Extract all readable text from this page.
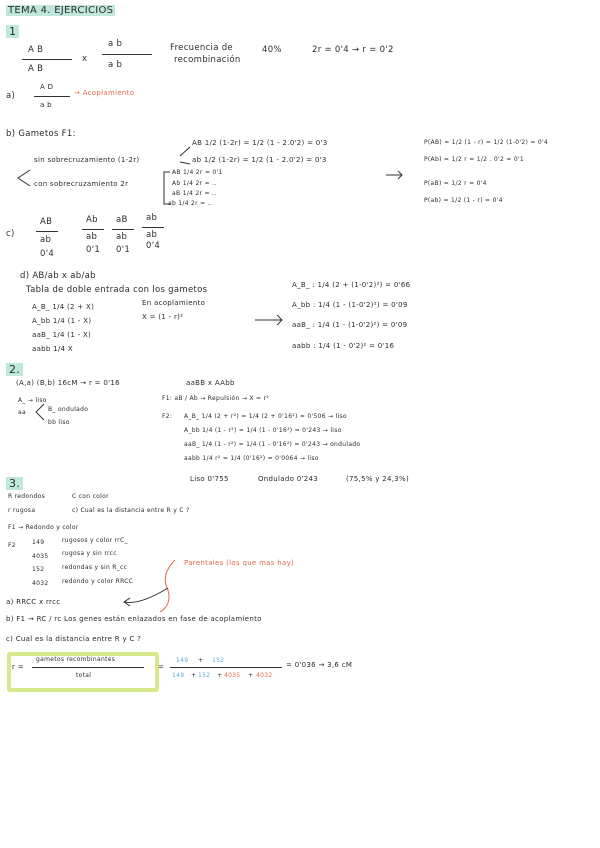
TEMA 4. EJERCICIOS
1
A B
A B
x
a b
a b
Frecuencia de
recombinación
40%	2r = 0'4 → r = 0'2
a)
A D
a b
→ Acoplamiento
b) Gametos F1:
sin sobrecruzamiento (1-2r)
con sobrecruzamiento 2r
AB 1/2 (1-2r) = 1/2 (1 - 2.0'2) = 0'3
ab 1/2 (1-2r) = 1/2 (1 - 2.0'2) = 0'3
AB 1/4 2r = 0'1
Ab 1/4 2r = ..
aB 1/4 2r = ..
ab 1/4 2r = ..
P(AB) = 1/2 (1 - r) = 1/2 (1-0'2) = 0'4
P(Ab) = 1/2 r = 1/2 . 0'2 = 0'1
P(aB) = 1/2 r = 0'4
P(ab) = 1/2 (1 - r) = 0'4
c)
AB
ab
0'4
Ab
ab
0'1
aB
ab
0'1
ab
ab
0'4
d) AB/ab x ab/ab
Tabla de doble entrada con los gametos
A_B_ 1/4 (2 + X)
A_bb 1/4 (1 - X)
aaB_ 1/4 (1 - X)
aabb 1/4 X
En acoplamiento
X = (1 - r)²
A_B_ : 1/4 (2 + (1-0'2)²) = 0'66
A_bb : 1/4 (1 - (1-0'2)²) = 0'09
aaB_ : 1/4 (1 - (1-0'2)²) = 0'09
aabb : 1/4 (1 - 0'2)² = 0'16
2.
(A,a) (B,b) 16cM → r = 0'16	aaBB x AAbb
A_ → liso
aa	B_ ondulado
bb liso
F1: aB / Ab → Repulsión → X = r²
F2: A_B_ 1/4 (2 + r²) = 1/4 (2 + 0'16²) = 0'506 → liso
A_bb 1/4 (1 - r²) = 1/4 (1 - 0'16²) = 0'243 → liso
aaB_ 1/4 (1 - r²) = 1/4 (1 - 0'16²) = 0'243 → ondulado
aabb 1/4 r² = 1/4 (0'16²) = 0'0064 → liso
Liso 0'755	Ondulado 0'243	(75,5% y 24,3%)
3.
R redondos
r rugosa
C con color
c) Cual es la distancia entre R y C ?
F1 → Redondo y color
F2	149	rugosos y color rrC_
4035 rugosa y sin rrcc
152	redondas y sin R_cc
4032 redondo y color RRCC
Parentales (los que mas hay)
a) RRCC x rrcc
b) F1 → RC / rc Los genes están enlazados en fase de acoplamiento
c) Cual es la distancia entre R y C ?
r =
gametos recombinantes
total
=
149 + 152
149 + 152 + 4035 + 4032
= 0'036 → 3,6 cM
